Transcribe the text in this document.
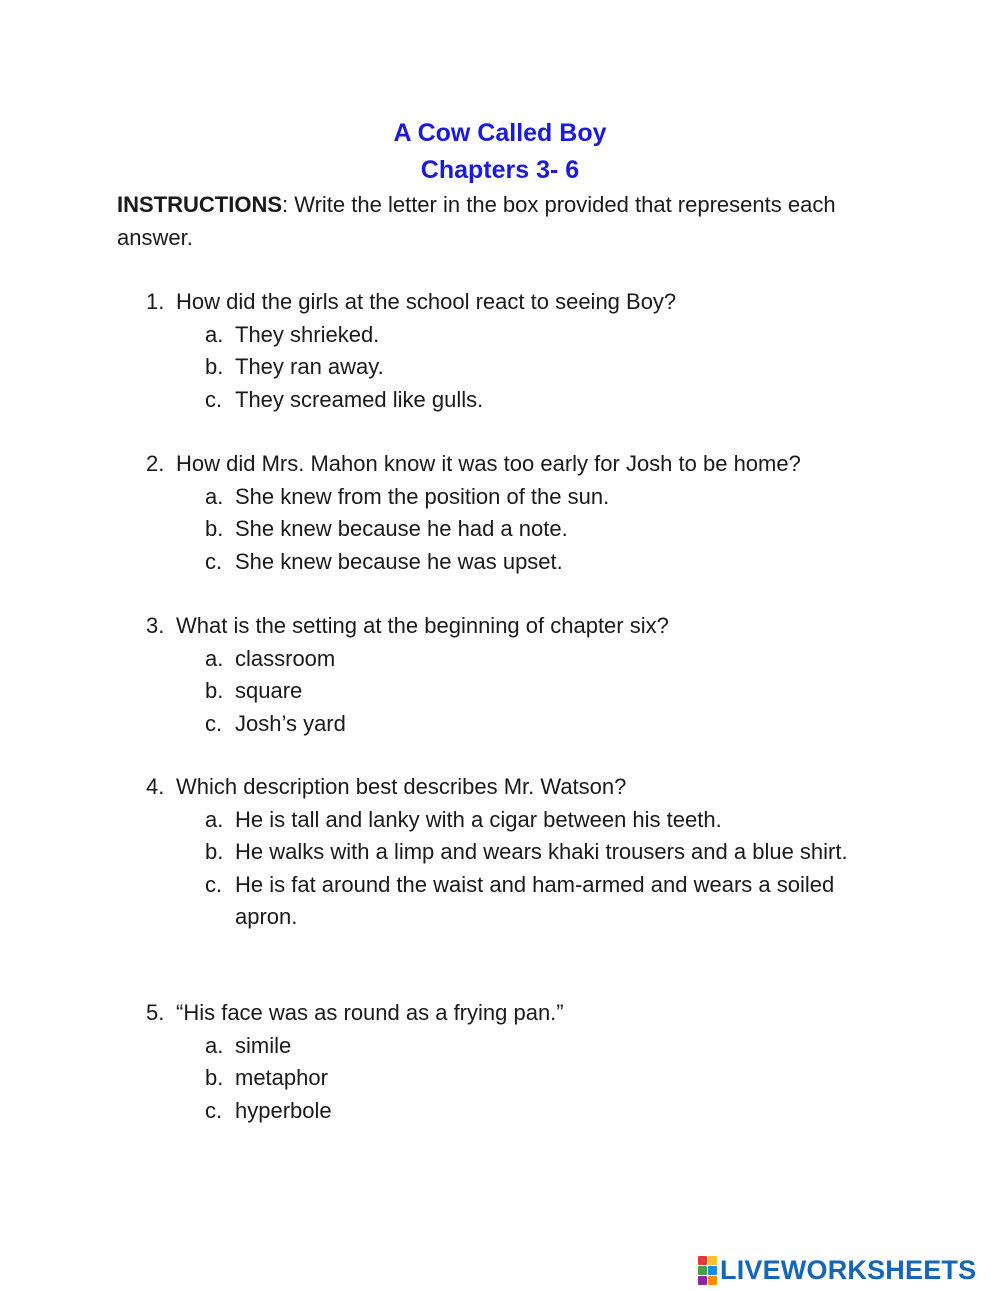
A Cow Called Boy
Chapters 3- 6

INSTRUCTIONS: Write the letter in the box provided that represents each answer.

1. How did the girls at the school react to seeing Boy?
a. They shrieked.
b. They ran away.
c. They screamed like gulls.
2. How did Mrs. Mahon know it was too early for Josh to be home?
a. She knew from the position of the sun.
b. She knew because he had a note.
c. She knew because he was upset.
3. What is the setting at the beginning of chapter six?
a. classroom
b. square
c. Josh’s yard
4. Which description best describes Mr. Watson?
a. He is tall and lanky with a cigar between his teeth.
b. He walks with a limp and wears khaki trousers and a blue shirt.
c. He is fat around the waist and ham-armed and wears a soiled apron.
5. “His face was as round as a frying pan.”
a. simile
b. metaphor
c. hyperbole
LIVEWORKSHEETS
